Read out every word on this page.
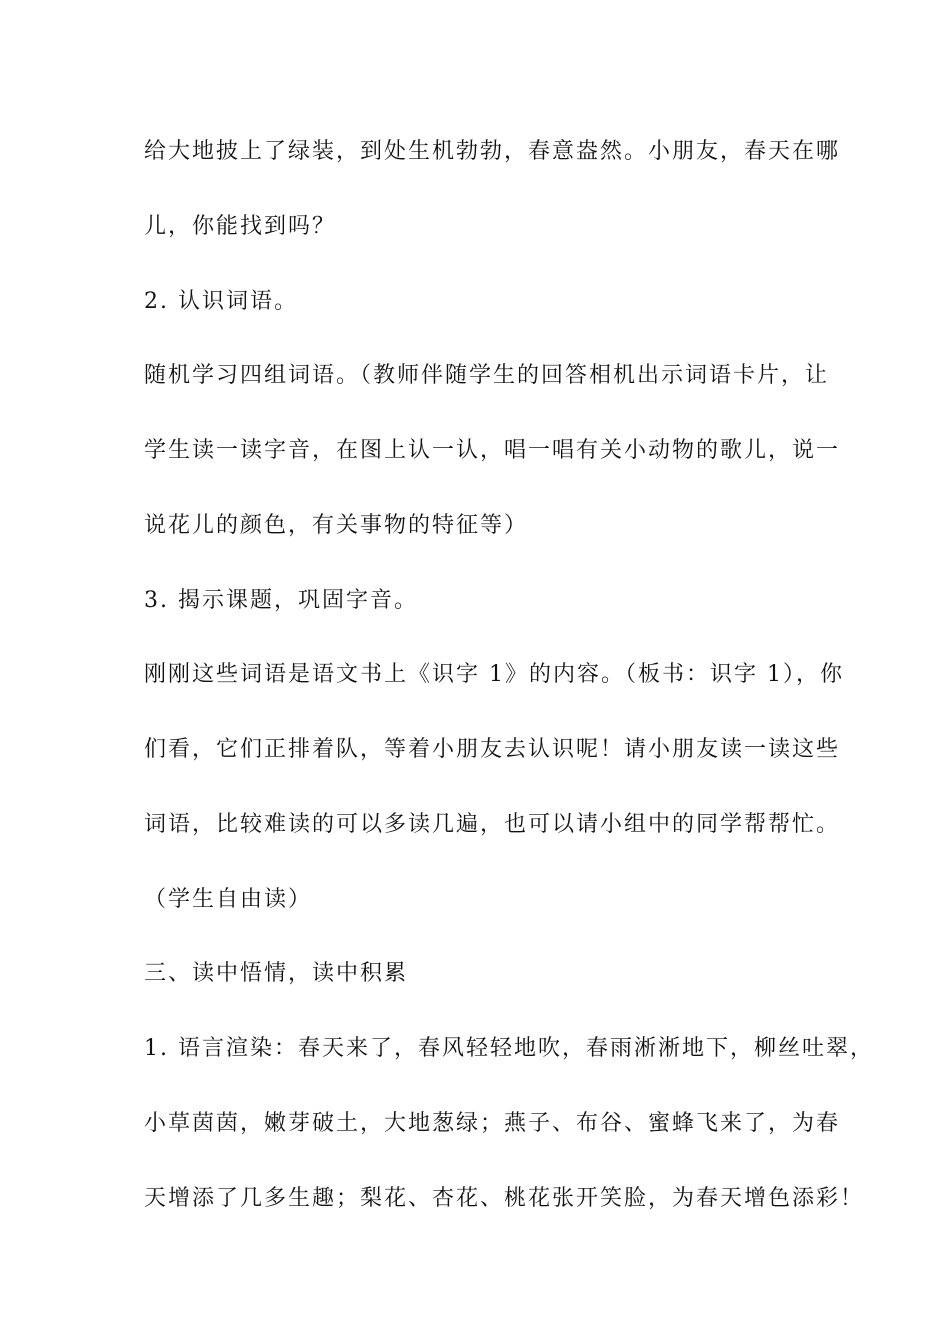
给大地披上了绿装，到处生机勃勃，春意盎然。小朋友，春天在哪
儿，你能找到吗？
2. 认识词语。
随机学习四组词语。（教师伴随学生的回答相机出示词语卡片，让
学生读一读字音，在图上认一认，唱一唱有关小动物的歌儿，说一
说花儿的颜色，有关事物的特征等）
3. 揭示课题，巩固字音。
刚刚这些词语是语文书上《识字 1》的内容。（板书：识字 1），你
们看，它们正排着队，等着小朋友去认识呢！请小朋友读一读这些
词语，比较难读的可以多读几遍，也可以请小组中的同学帮帮忙。
（学生自由读）
三、读中悟情，读中积累
1. 语言渲染：春天来了，春风轻轻地吹，春雨淅淅地下，柳丝吐翠，
小草茵茵，嫩芽破土，大地葱绿；燕子、布谷、蜜蜂飞来了，为春
天增添了几多生趣；梨花、杏花、桃花张开笑脸，为春天增色添彩！
